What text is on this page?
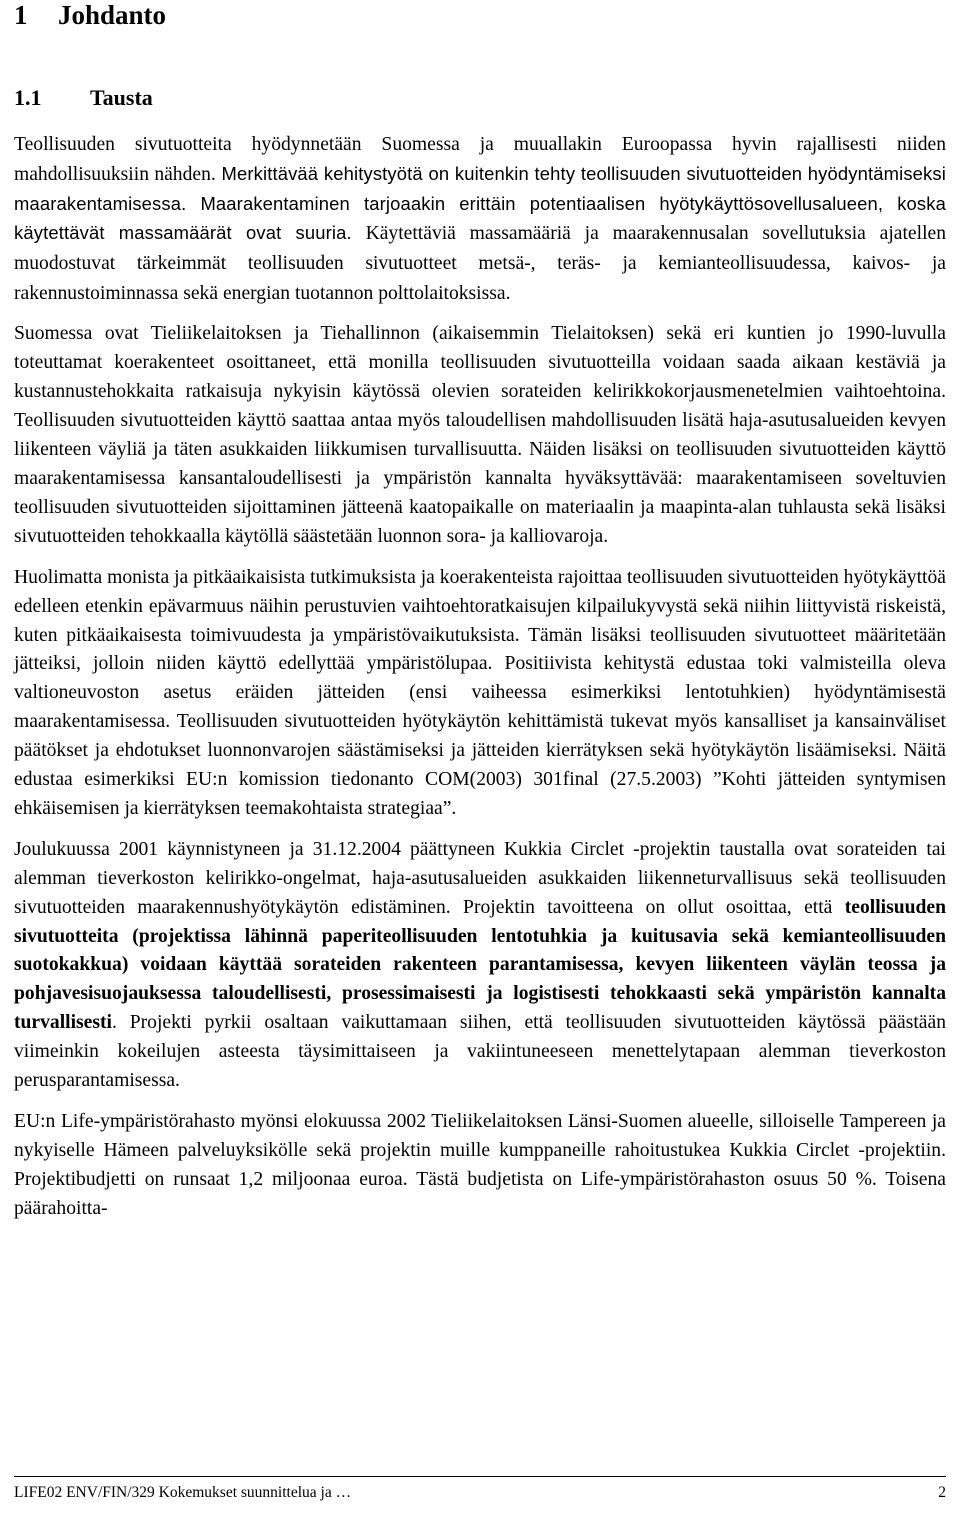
1 Johdanto
1.1 Tausta

Teollisuuden sivutuotteita hyödynnetään Suomessa ja muuallakin Euroopassa hyvin rajallisesti niiden mahdollisuuksiin nähden. Merkittävää kehitystyötä on kuitenkin tehty teollisuuden sivutuotteiden hyödyntämiseksi maarakentamisessa. Maarakentaminen tarjoaakin erittäin potentiaalisen hyötykäyttösovellusalueen, koska käytettävät massamäärät ovat suuria. Käytettäviä massamääriä ja maarakennusalan sovellutuksia ajatellen muodostuvat tärkeimmät teollisuuden sivutuotteet metsä-, teräs- ja kemianteollisuudessa, kaivos- ja rakennustoiminnassa sekä energian tuotannon polttolaitoksissa.

Suomessa ovat Tieliikelaitoksen ja Tiehallinnon (aikaisemmin Tielaitoksen) sekä eri kuntien jo 1990-luvulla toteuttamat koerakenteet osoittaneet, että monilla teollisuuden sivutuotteilla voidaan saada aikaan kestäviä ja kustannustehokkaita ratkaisuja nykyisin käytössä olevien sorateiden kelirikkokorjausmenetelmien vaihtoehtoina. Teollisuuden sivutuotteiden käyttö saattaa antaa myös taloudellisen mahdollisuuden lisätä haja-asutusalueiden kevyen liikenteen väyliä ja täten asukkaiden liikkumisen turvallisuutta. Näiden lisäksi on teollisuuden sivutuotteiden käyttö maarakentamisessa kansantaloudellisesti ja ympäristön kannalta hyväksyttävää: maarakentamiseen soveltuvien teollisuuden sivutuotteiden sijoittaminen jätteenä kaatopaikalle on materiaalin ja maapinta-alan tuhlausta sekä lisäksi sivutuotteiden tehokkaalla käytöllä säästetään luonnon sora- ja kalliovaroja.

Huolimatta monista ja pitkäaikaisista tutkimuksista ja koerakenteista rajoittaa teollisuuden sivutuotteiden hyötykäyttöä edelleen etenkin epävarmuus näihin perustuvien vaihtoehtoratkaisujen kilpailukyvystä sekä niihin liittyvistä riskeistä, kuten pitkäaikaisesta toimivuudesta ja ympäristövaikutuksista. Tämän lisäksi teollisuuden sivutuotteet määritetään jätteiksi, jolloin niiden käyttö edellyttää ympäristölupaa. Positiivista kehitystä edustaa toki valmisteilla oleva valtioneuvoston asetus eräiden jätteiden (ensi vaiheessa esimerkiksi lentotuhkien) hyödyntämisestä maarakentamisessa. Teollisuuden sivutuotteiden hyötykäytön kehittämistä tukevat myös kansalliset ja kansainväliset päätökset ja ehdotukset luonnonvarojen säästämiseksi ja jätteiden kierrätyksen sekä hyötykäytön lisäämiseksi. Näitä edustaa esimerkiksi EU:n komission tiedonanto COM(2003) 301final (27.5.2003) ”Kohti jätteiden syntymisen ehkäisemisen ja kierrätyksen teemakohtaista strategiaa”.

Joulukuussa 2001 käynnistyneen ja 31.12.2004 päättyneen Kukkia Circlet -projektin taustalla ovat sorateiden tai alemman tieverkoston kelirikko-ongelmat, haja-asutusalueiden asukkaiden liikenneturvallisuus sekä teollisuuden sivutuotteiden maarakennushyötykäytön edistäminen. Projektin tavoitteena on ollut osoittaa, että teollisuuden sivutuotteita (projektissa lähinnä paperiteollisuuden lentotuhkia ja kuitusavia sekä kemianteollisuuden suotokakkua) voidaan käyttää sorateiden rakenteen parantamisessa, kevyen liikenteen väylän teossa ja pohjavesisuojauksessa taloudellisesti, prosessimaisesti ja logistisesti tehokkaasti sekä ympäristön kannalta turvallisesti. Projekti pyrkii osaltaan vaikuttamaan siihen, että teollisuuden sivutuotteiden käytössä päästään viimeinkin kokeilujen asteesta täysimittaiseen ja vakiintuneeseen menettelytapaan alemman tieverkoston perusparantamisessa.

EU:n Life-ympäristörahasto myönsi elokuussa 2002 Tieliikelaitoksen Länsi-Suomen alueelle, silloiselle Tampereen ja nykyiselle Hämeen palveluyksikölle sekä projektin muille kumppaneille rahoitustukea Kukkia Circlet -projektiin. Projektibudjetti on runsaat 1,2 miljoonaa euroa. Tästä budjetista on Life-ympäristörahaston osuus 50 %. Toisena päärahoitta-

LIFE02 ENV/FIN/329 Kokemukset suunnittelua ja …	2
